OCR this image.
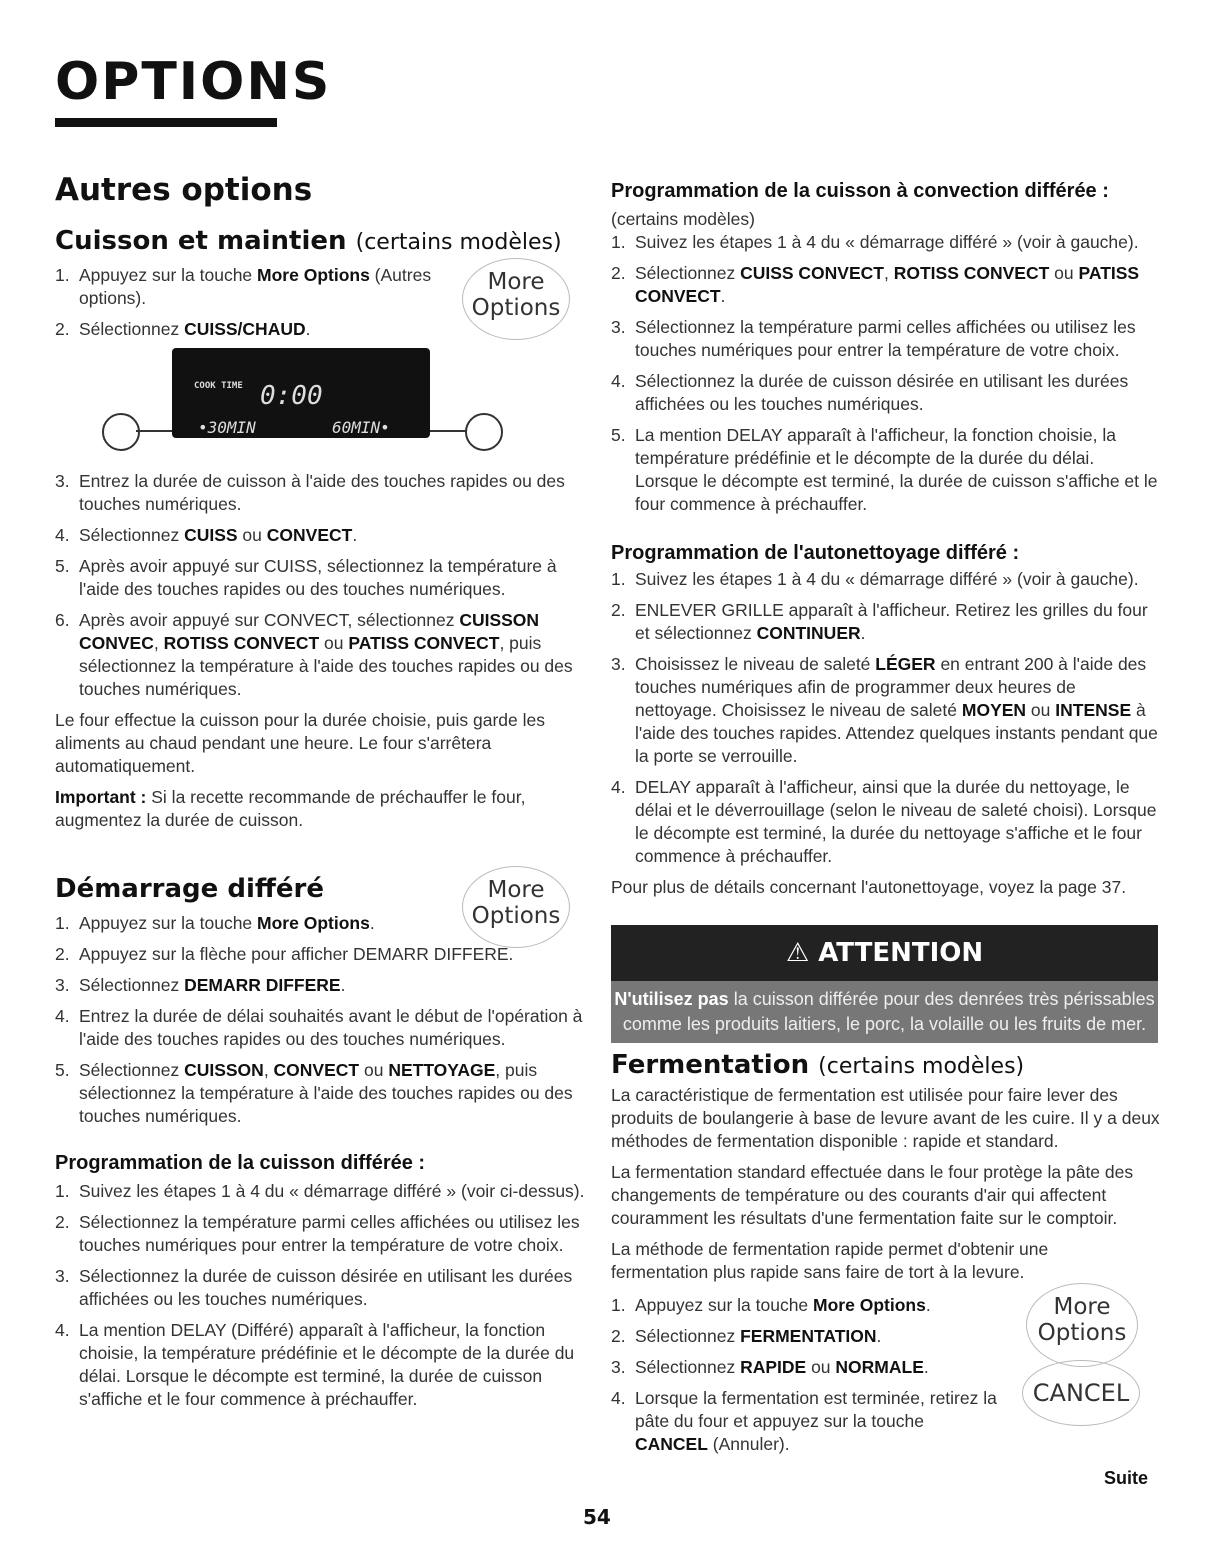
OPTIONS
Autres options
Cuisson et maintien (certains modèles)
1. Appuyez sur la touche More Options (Autres options).
2. Sélectionnez CUISS/CHAUD.
More
Options
COOK TIME 0:00
•30MIN	60MIN•
3. Entrez la durée de cuisson à l'aide des touches rapides ou des touches numériques.
4. Sélectionnez CUISS ou CONVECT.
5. Après avoir appuyé sur CUISS, sélectionnez la température à l'aide des touches rapides ou des touches numériques.
6. Après avoir appuyé sur CONVECT, sélectionnez CUISSON CONVEC, ROTISS CONVECT ou PATISS CONVECT, puis sélectionnez la température à l'aide des touches rapides ou des touches numériques.
Le four effectue la cuisson pour la durée choisie, puis garde les aliments au chaud pendant une heure. Le four s'arrêtera automatiquement.
Important : Si la recette recommande de préchauffer le four, augmentez la durée de cuisson.
Démarrage différé	More
Options
1. Appuyez sur la touche More Options.
2. Appuyez sur la flèche pour afficher DEMARR DIFFERE.
3. Sélectionnez DEMARR DIFFERE.
4. Entrez la durée de délai souhaités avant le début de l'opération à l'aide des touches rapides ou des touches numériques.
5. Sélectionnez CUISSON, CONVECT ou NETTOYAGE, puis sélectionnez la température à l'aide des touches rapides ou des touches numériques.
Programmation de la cuisson différée :
1. Suivez les étapes 1 à 4 du « démarrage différé » (voir ci-dessus).
2. Sélectionnez la température parmi celles affichées ou utilisez les touches numériques pour entrer la température de votre choix.
3. Sélectionnez la durée de cuisson désirée en utilisant les durées affichées ou les touches numériques.
4. La mention DELAY (Différé) apparaît à l'afficheur, la fonction choisie, la température prédéfinie et le décompte de la durée du délai. Lorsque le décompte est terminé, la durée de cuisson s'affiche et le four commence à préchauffer.
Programmation de la cuisson à convection différée :
(certains modèles)
1. Suivez les étapes 1 à 4 du « démarrage différé » (voir à gauche).
2. Sélectionnez CUISS CONVECT, ROTISS CONVECT ou PATISS CONVECT.
3. Sélectionnez la température parmi celles affichées ou utilisez les touches numériques pour entrer la température de votre choix.
4. Sélectionnez la durée de cuisson désirée en utilisant les durées affichées ou les touches numériques.
5. La mention DELAY apparaît à l'afficheur, la fonction choisie, la température prédéfinie et le décompte de la durée du délai. Lorsque le décompte est terminé, la durée de cuisson s'affiche et le four commence à préchauffer.
Programmation de l'autonettoyage différé :
1. Suivez les étapes 1 à 4 du « démarrage différé » (voir à gauche).
2. ENLEVER GRILLE apparaît à l'afficheur. Retirez les grilles du four et sélectionnez CONTINUER.
3. Choisissez le niveau de saleté LÉGER en entrant 200 à l'aide des touches numériques afin de programmer deux heures de nettoyage. Choisissez le niveau de saleté MOYEN ou INTENSE à l'aide des touches rapides. Attendez quelques instants pendant que la porte se verrouille.
4. DELAY apparaît à l'afficheur, ainsi que la durée du nettoyage, le délai et le déverrouillage (selon le niveau de saleté choisi). Lorsque le décompte est terminé, la durée du nettoyage s'affiche et le four commence à préchauffer.
Pour plus de détails concernant l'autonettoyage, voyez la page 37.
⚠ ATTENTION
N'utilisez pas la cuisson différée pour des denrées très périssables comme les produits laitiers, le porc, la volaille ou les fruits de mer.
Fermentation (certains modèles)
La caractéristique de fermentation est utilisée pour faire lever des produits de boulangerie à base de levure avant de les cuire. Il y a deux méthodes de fermentation disponible : rapide et standard.
La fermentation standard effectuée dans le four protège la pâte des changements de température ou des courants d'air qui affectent couramment les résultats d'une fermentation faite sur le comptoir.
La méthode de fermentation rapide permet d'obtenir une fermentation plus rapide sans faire de tort à la levure.
1. Appuyez sur la touche More Options.
2. Sélectionnez FERMENTATION.
3. Sélectionnez RAPIDE ou NORMALE.
4. Lorsque la fermentation est terminée, retirez la pâte du four et appuyez sur la touche CANCEL (Annuler).
More
Options
CANCEL
Suite
54
